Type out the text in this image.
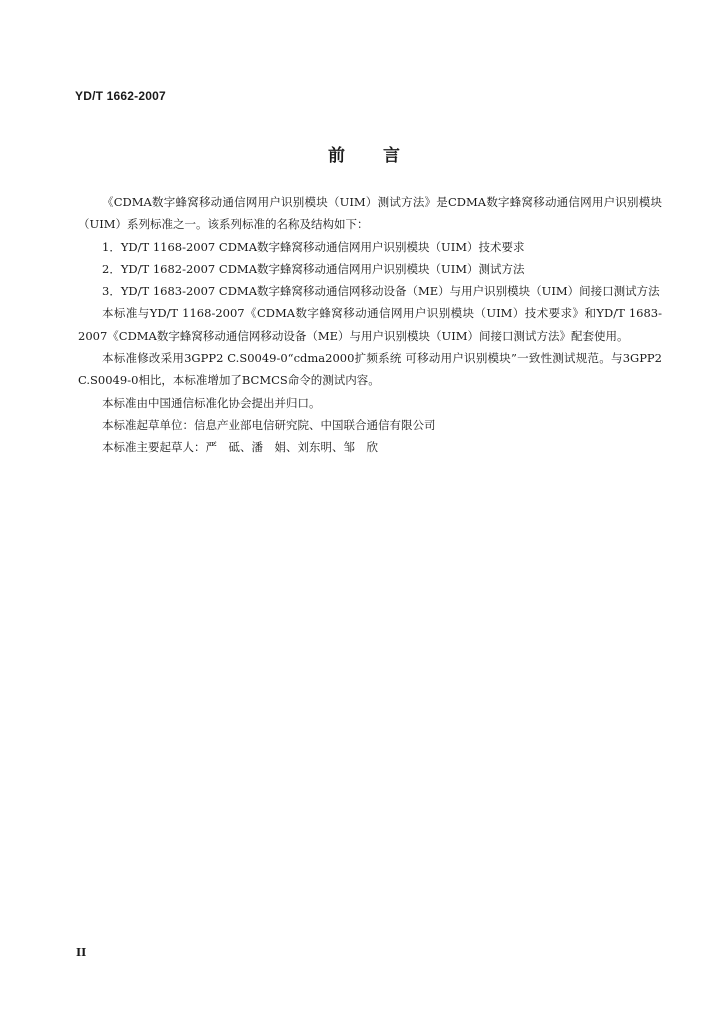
YD/T 1662-2007
前 言

《CDMA数字蜂窝移动通信网用户识别模块（UIM）测试方法》是CDMA数字蜂窝移动通信网用户识别模块（UIM）系列标准之一。该系列标准的名称及结构如下：

1．YD/T 1168-2007 CDMA数字蜂窝移动通信网用户识别模块（UIM）技术要求

2．YD/T 1682-2007 CDMA数字蜂窝移动通信网用户识别模块（UIM）测试方法

3．YD/T 1683-2007 CDMA数字蜂窝移动通信网移动设备（ME）与用户识别模块（UIM）间接口测试方法

本标准与YD/T 1168-2007《CDMA数字蜂窝移动通信网用户识别模块（UIM）技术要求》和YD/T 1683-2007《CDMA数字蜂窝移动通信网移动设备（ME）与用户识别模块（UIM）间接口测试方法》配套使用。

本标准修改采用3GPP2 C.S0049-0“cdma2000扩频系统 可移动用户识别模块”一致性测试规范。与3GPP2 C.S0049-0相比，本标准增加了BCMCS命令的测试内容。

本标准由中国通信标准化协会提出并归口。

本标准起草单位：信息产业部电信研究院、中国联合通信有限公司

本标准主要起草人：严　砥、潘　娟、刘东明、邹　欣

II
